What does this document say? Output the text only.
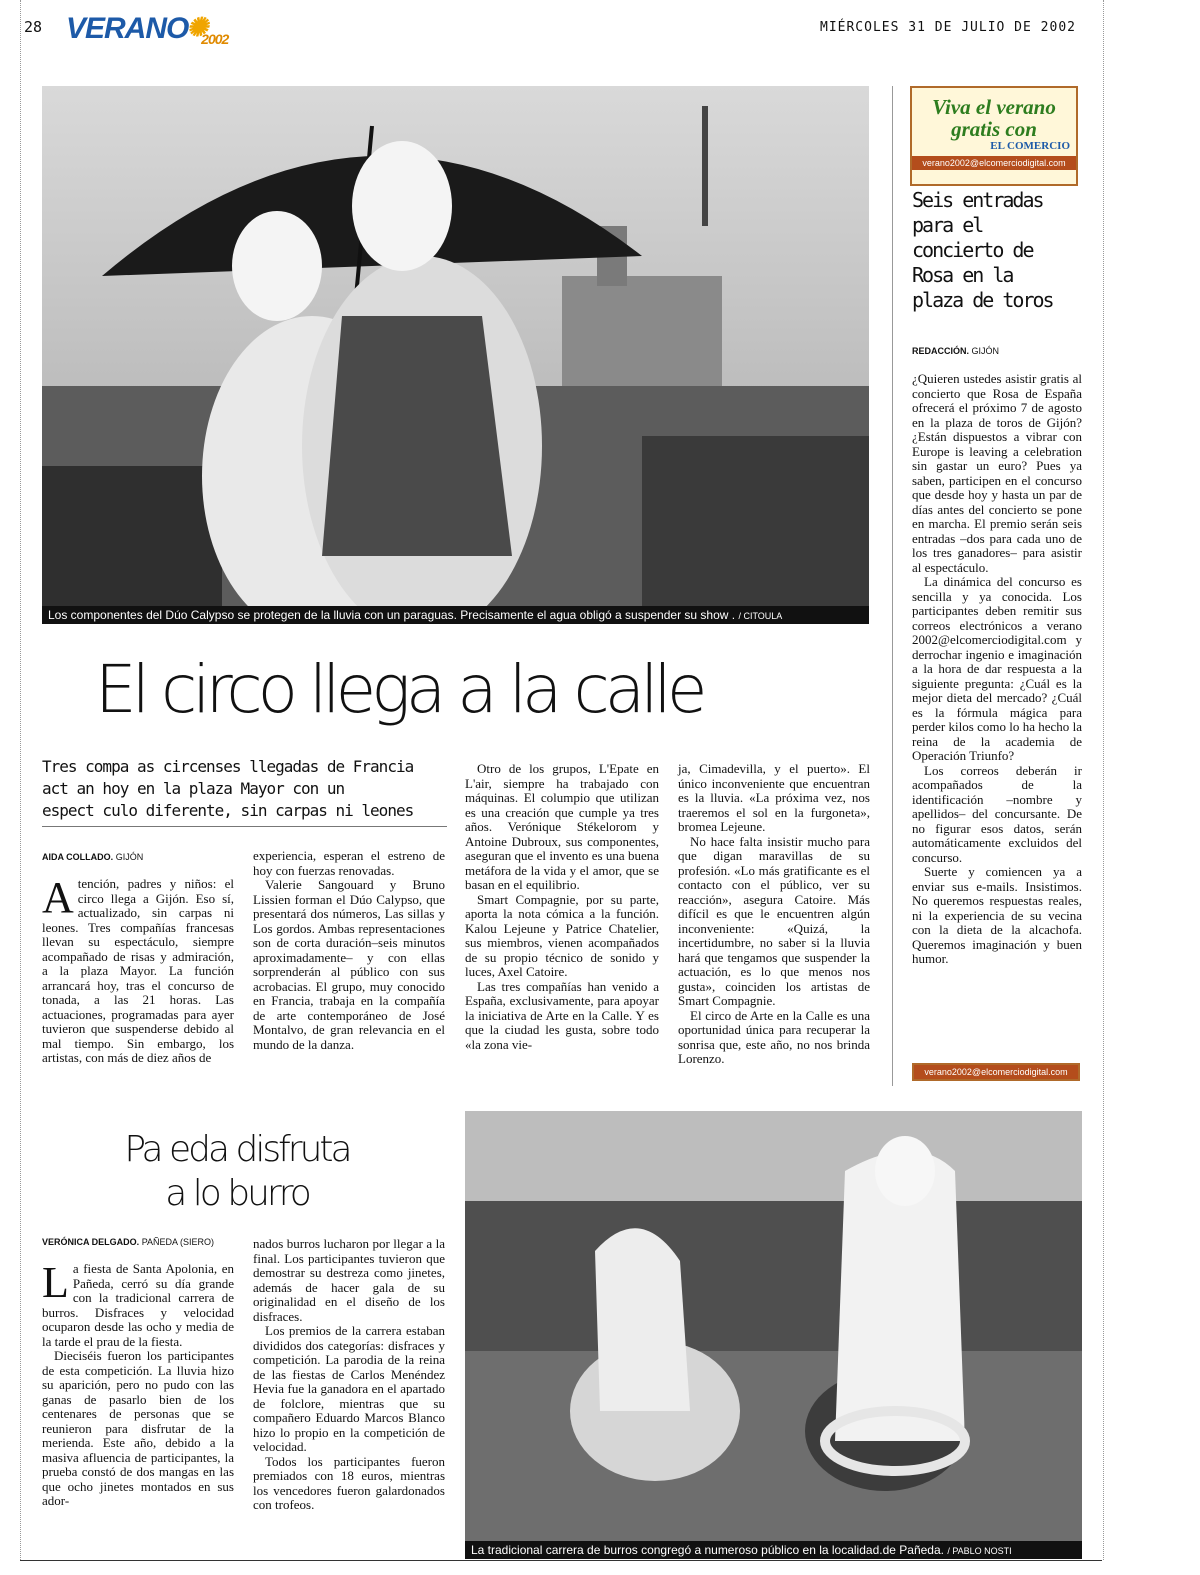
28 $VERANO✺_{2002}$
MIÉRCOLES 31 DE JULIO DE 2002
Los componentes del Dúo Calypso se protegen de la lluvia con un paraguas. Precisamente el agua obligó a suspender su show . / CITOULA
El circo llega a la calle
Tres compa as circenses llegadas de Francia
act an hoy en la plaza Mayor con un
espect culo diferente, sin carpas ni leones
AIDA COLLADO. GIJÓN
A tención, padres y niños: el circo llega a Gijón. Eso sí, actualizado, sin carpas ni leones. Tres compañías francesas llevan su espectáculo, siempre acompañado de risas y admiración, a la plaza Mayor. La función arrancará hoy, tras el concurso de tonada, a las 21 horas. Las actuaciones, programadas para ayer tuvieron que suspenderse debido al mal tiempo. Sin embargo, los artistas, con más de diez años de

experiencia, esperan el estreno de hoy con fuerzas renovadas.

Valerie Sangouard y Bruno Lissien forman el Dúo Calypso, que presentará dos números, Las sillas y Los gordos. Ambas representaciones son de corta duración–seis minutos aproximadamente– y con ellas sorprenderán al público con sus acrobacias. El grupo, muy conocido en Francia, trabaja en la compañía de arte contemporáneo de José Montalvo, de gran relevancia en el mundo de la danza.

Otro de los grupos, L'Epate en L'air, siempre ha trabajado con máquinas. El columpio que utilizan es una creación que cumple ya tres años. Verónique Stékelorom y Antoine Dubroux, sus componentes, aseguran que el invento es una buena metáfora de la vida y el amor, que se basan en el equilibrio.

Smart Compagnie, por su parte, aporta la nota cómica a la función. Kalou Lejeune y Patrice Chatelier, sus miembros, vienen acompañados de su propio técnico de sonido y luces, Axel Catoire.

Las tres compañías han venido a España, exclusivamente, para apoyar la iniciativa de Arte en la Calle. Y es que la ciudad les gusta, sobre todo «la zona vie-

ja, Cimadevilla, y el puerto». El único inconveniente que encuentran es la lluvia. «La próxima vez, nos traeremos el sol en la furgoneta», bromea Lejeune.

No hace falta insistir mucho para que digan maravillas de su profesión. «Lo más gratificante es el contacto con el público, ver su reacción», asegura Catoire. Más difícil es que le encuentren algún inconveniente: «Quizá, la incertidumbre, no saber si la lluvia hará que tengamos que suspender la actuación, es lo que menos nos gusta», coinciden los artistas de Smart Compagnie.

El circo de Arte en la Calle es una oportunidad única para recuperar la sonrisa que, este año, no nos brinda Lorenzo.

Viva el verano
gratis con
EL COMERCIO
verano2002@elcomerciodigital.com
Seis entradas
para el
concierto de
Rosa en la
plaza de toros
REDACCIÓN. GIJÓN

¿Quieren ustedes asistir gratis al concierto que Rosa de España ofrecerá el próximo 7 de agosto en la plaza de toros de Gijón? ¿Están dispuestos a vibrar con Europe is leaving a celebration sin gastar un euro? Pues ya saben, participen en el concurso que desde hoy y hasta un par de días antes del concierto se pone en marcha. El premio serán seis entradas –dos para cada uno de los tres ganadores– para asistir al espectáculo.

La dinámica del concurso es sencilla y ya conocida. Los participantes deben remitir sus correos electrónicos a verano 2002@elcomerciodigital.com y derrochar ingenio e imaginación a la hora de dar respuesta a la siguiente pregunta: ¿Cuál es la mejor dieta del mercado? ¿Cuál es la fórmula mágica para perder kilos como lo ha hecho la reina de la academia de Operación Triunfo?

Los correos deberán ir acompañados de la identificación –nombre y apellidos– del concursante. De no figurar esos datos, serán automáticamente excluidos del concurso.

Suerte y comiencen ya a enviar sus e-mails. Insistimos. No queremos respuestas reales, ni la experiencia de su vecina con la dieta de la alcachofa. Queremos imaginación y buen humor.

verano2002@elcomerciodigital.com
Pa eda disfruta
a lo burro
VERÓNICA DELGADO. PAÑEDA (SIERO)

La fiesta de Santa Apolonia, en Pañeda, cerró su día grande con la tradicional carrera de burros. Disfraces y velocidad ocuparon desde las ocho y media de la tarde el prau de la fiesta.

Dieciséis fueron los participantes de esta competición. La lluvia hizo su aparición, pero no pudo con las ganas de pasarlo bien de los centenares de personas que se reunieron para disfrutar de la merienda. Este año, debido a la masiva afluencia de participantes, la prueba constó de dos mangas en las que ocho jinetes montados en sus ador-

nados burros lucharon por llegar a la final. Los participantes tuvieron que demostrar su destreza como jinetes, además de hacer gala de su originalidad en el diseño de los disfraces.

Los premios de la carrera estaban divididos dos categorías: disfraces y competición. La parodia de la reina de las fiestas de Carlos Menéndez Hevia fue la ganadora en el apartado de folclore, mientras que su compañero Eduardo Marcos Blanco hizo lo propio en la competición de velocidad.

Todos los participantes fueron premiados con 18 euros, mientras los vencedores fueron galardonados con trofeos.

La tradicional carrera de burros congregó a numeroso público en la localidad.de Pañeda. / PABLO NOSTI
